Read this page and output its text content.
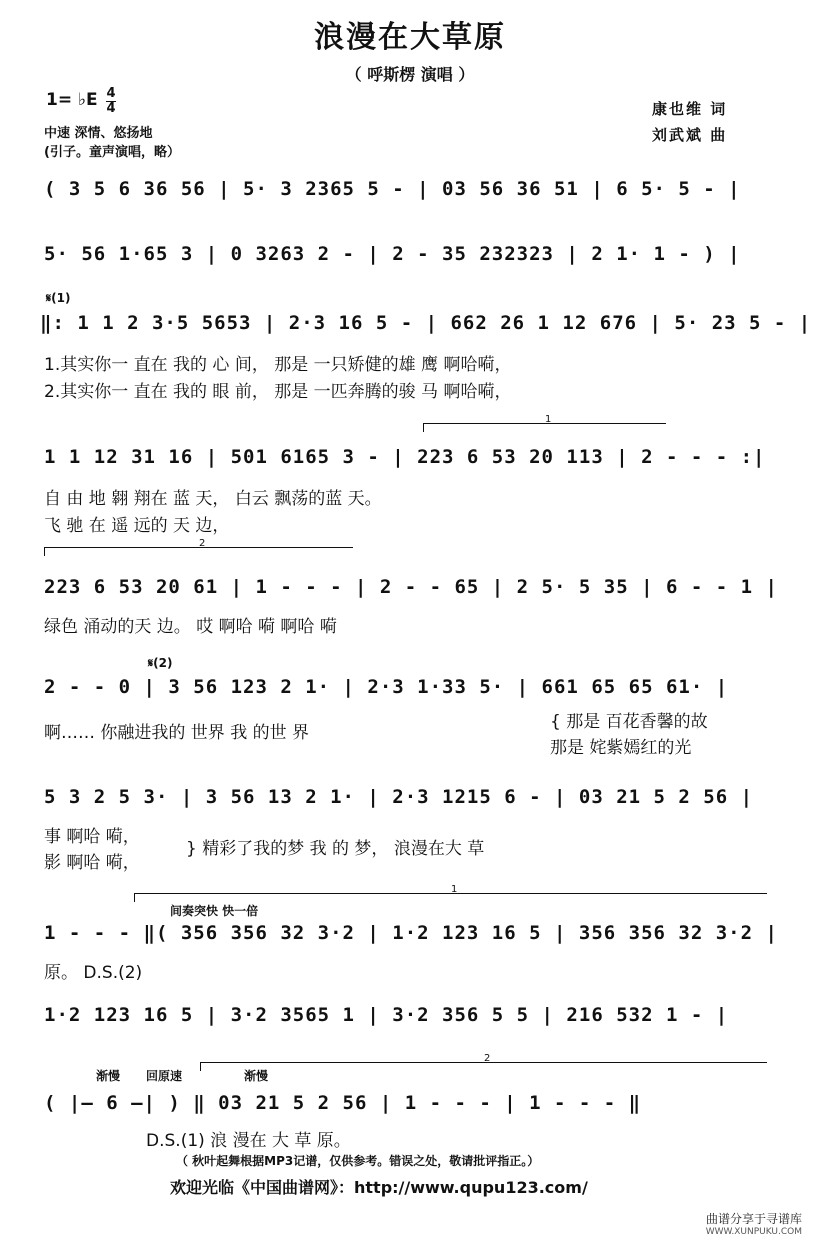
浪漫在大草原
（ 呼斯楞 演唱 ）
1= ♭E 4
4
中速 深情、悠扬地
(引子。童声演唱，略）
康也维 词
刘武斌 曲
( 3 5 6 36 56 | 5· 3 2365 5 - | 03 56 36 51 | 6 5· 5 - |
5· 56 1·65 3 | 0 3263 2 - | 2 - 35 232323 | 2 1· 1 - ) |
𝄋(1)
‖: 1 1 2 3·5 5653 | 2·3 16 5 - | 662 26 1 12 676 | 5· 23 5 - |
1.其实你一 直在 我的 心 间， 那是 一只矫健的雄 鹰 啊哈嗬，
2.其实你一 直在 我的 眼 前， 那是 一匹奔腾的骏 马 啊哈嗬，
1
1 1 12 31 16 | 501 6165 3 - | 223 6 53 20 113 | 2 - - - :|
自 由 地 翱 翔在 蓝 天， 白云 飘荡的蓝 天。
飞 驰 在 遥 远的 天 边，
2
223 6 53 20 61 | 1 - - - | 2 - - 65 | 2 5· 5 35 | 6 - - 1 |
绿色 涌动的天 边。 哎 啊哈 嗬 啊哈 嗬
𝄋(2)
2 - - 0 | 3 56 123 2 1· | 2·3 1·33 5· | 661 65 65 61· |
啊…… 你融进我的 世界 我 的世 界
{ 那是 百花香馨的故
那是 姹紫嫣红的光
5 3 2 5 3· | 3 56 13 2 1· | 2·3 1215 6 - | 03 21 5 2 56 |
事 啊哈 嗬，
影 啊哈 嗬，
} 精彩了我的梦 我 的 梦， 浪漫在大 草
1
间奏突快 快一倍
1 - - - ‖( 356 356 32 3·2 | 1·2 123 16 5 | 356 356 32 3·2 |
原。 D.S.(2)
1·2 123 16 5 | 3·2 3565 1 | 3·2 356 5 5 | 216 532 1 - |
2
渐慢 回原速	渐慢
( |— 6 —| ) ‖ 03 21 5 2 56 | 1 - - - | 1 - - - ‖
D.S.(1) 浪 漫在 大 草 原。
（ 秋叶起舞根据MP3记谱，仅供参考。错误之处，敬请批评指正。）
欢迎光临《中国曲谱网》：http://www.qupu123.com/
曲谱分享于寻谱库
WWW.XUNPUKU.COM
